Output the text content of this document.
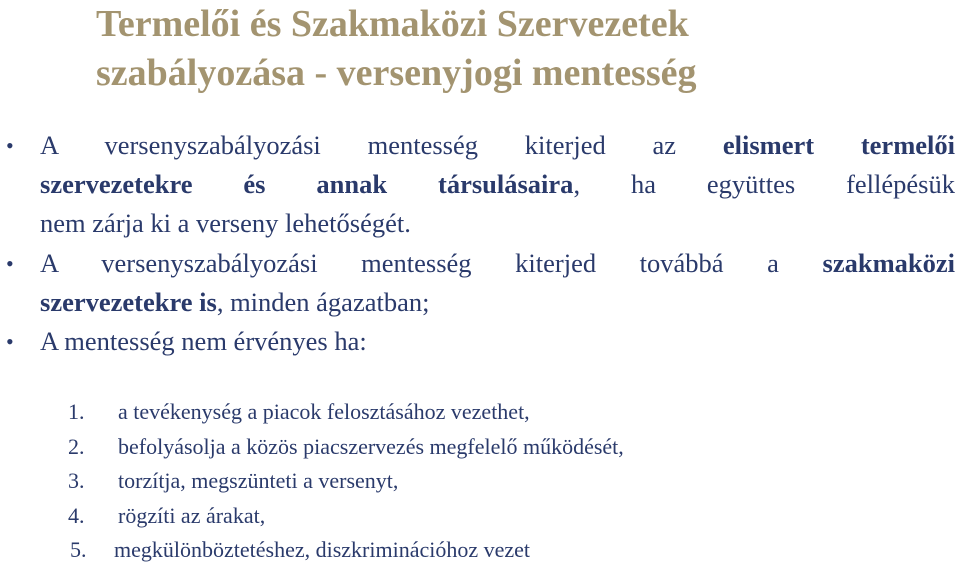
Termelői és Szakmaközi Szervezetek
szabályozása - versenyjogi mentesség
• A versenyszabályozási mentesség kiterjed az elismert termelői
szervezetekre és annak társulásaira, ha együttes fellépésük
nem zárja ki a verseny lehetőségét.
• A versenyszabályozási mentesség kiterjed továbbá a szakmaközi
szervezetekre is, minden ágazatban;
• A mentesség nem érvényes ha:
1. a tevékenység a piacok felosztásához vezethet,
2. befolyásolja a közös piacszervezés megfelelő működését,
3. torzítja, megszünteti a versenyt,
4. rögzíti az árakat,
5. megkülönböztetéshez, diszkriminációhoz vezet
